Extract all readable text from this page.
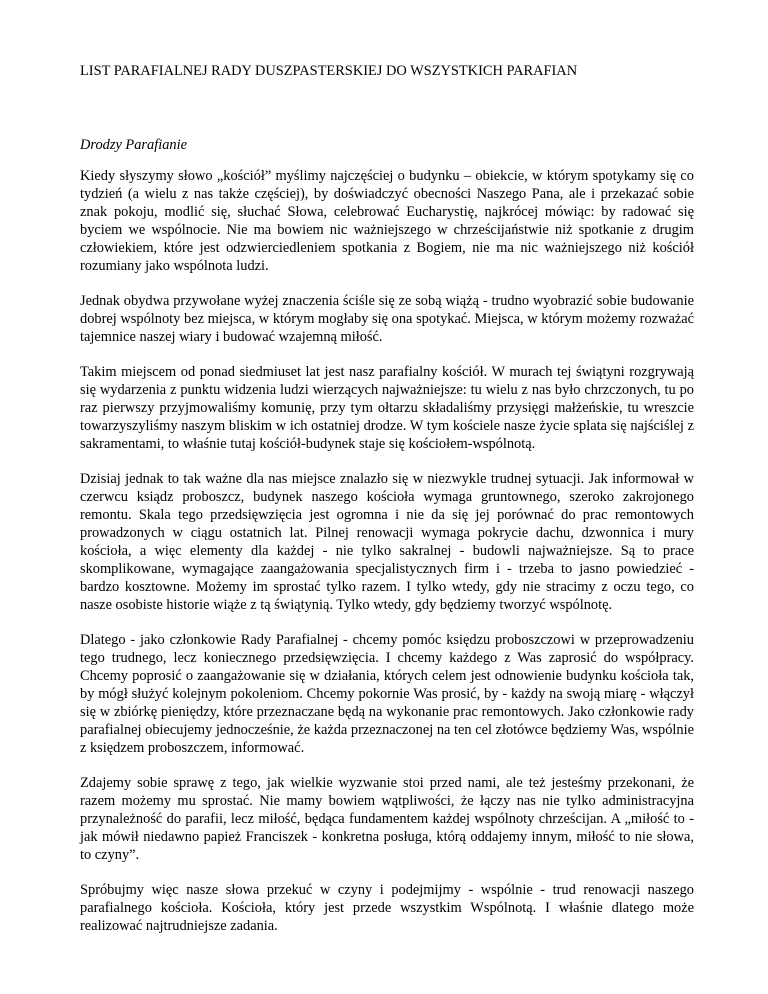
LIST PARAFIALNEJ RADY DUSZPASTERSKIEJ DO WSZYSTKICH PARAFIAN

Drodzy Parafianie

Kiedy słyszymy słowo „kościół” myślimy najczęściej o budynku – obiekcie, w którym spotykamy się co tydzień (a wielu z nas także częściej), by doświadczyć obecności Naszego Pana, ale i przekazać sobie znak pokoju, modlić się, słuchać Słowa, celebrować Eucharystię, najkrócej mówiąc: by radować się byciem we wspólnocie. Nie ma bowiem nic ważniejszego w chrześcijaństwie niż spotkanie z drugim człowiekiem, które jest odzwierciedleniem spotkania z Bogiem, nie ma nic ważniejszego niż kościół rozumiany jako wspólnota ludzi.

Jednak obydwa przywołane wyżej znaczenia ściśle się ze sobą wiążą - trudno wyobrazić sobie budowanie dobrej wspólnoty bez miejsca, w którym mogłaby się ona spotykać. Miejsca, w którym możemy rozważać tajemnice naszej wiary i budować wzajemną miłość.

Takim miejscem od ponad siedmiuset lat jest nasz parafialny kościół. W murach tej świątyni rozgrywają się wydarzenia z punktu widzenia ludzi wierzących najważniejsze: tu wielu z nas było chrzczonych, tu po raz pierwszy przyjmowaliśmy komunię, przy tym ołtarzu składaliśmy przysięgi małżeńskie, tu wreszcie towarzyszyliśmy naszym bliskim w ich ostatniej drodze. W tym kościele nasze życie splata się najściślej z sakramentami, to właśnie tutaj kościół-budynek staje się kościołem-wspólnotą.

Dzisiaj jednak to tak ważne dla nas miejsce znalazło się w niezwykle trudnej sytuacji. Jak informował w czerwcu ksiądz proboszcz, budynek naszego kościoła wymaga gruntownego, szeroko zakrojonego remontu. Skala tego przedsięwzięcia jest ogromna i nie da się jej porównać do prac remontowych prowadzonych w ciągu ostatnich lat. Pilnej renowacji wymaga pokrycie dachu, dzwonnica i mury kościoła, a więc elementy dla każdej - nie tylko sakralnej - budowli najważniejsze. Są to prace skomplikowane, wymagające zaangażowania specjalistycznych firm i - trzeba to jasno powiedzieć - bardzo kosztowne. Możemy im sprostać tylko razem. I tylko wtedy, gdy nie stracimy z oczu tego, co nasze osobiste historie wiąże z tą świątynią. Tylko wtedy, gdy będziemy tworzyć wspólnotę.

Dlatego - jako członkowie Rady Parafialnej - chcemy pomóc księdzu proboszczowi w przeprowadzeniu tego trudnego, lecz koniecznego przedsięwzięcia. I chcemy każdego z Was zaprosić do współpracy. Chcemy poprosić o zaangażowanie się w działania, których celem jest odnowienie budynku kościoła tak, by mógł służyć kolejnym pokoleniom. Chcemy pokornie Was prosić, by - każdy na swoją miarę - włączył się w zbiórkę pieniędzy, które przeznaczane będą na wykonanie prac remontowych. Jako członkowie rady parafialnej obiecujemy jednocześnie, że każda przeznaczonej na ten cel złotówce będziemy Was, wspólnie z księdzem proboszczem, informować.

Zdajemy sobie sprawę z tego, jak wielkie wyzwanie stoi przed nami, ale też jesteśmy przekonani, że razem możemy mu sprostać. Nie mamy bowiem wątpliwości, że łączy nas nie tylko administracyjna przynależność do parafii, lecz miłość, będąca fundamentem każdej wspólnoty chrześcijan. A „miłość to - jak mówił niedawno papież Franciszek - konkretna posługa, którą oddajemy innym, miłość to nie słowa, to czyny”.

Spróbujmy więc nasze słowa przekuć w czyny i podejmijmy - wspólnie - trud renowacji naszego parafialnego kościoła. Kościoła, który jest przede wszystkim Wspólnotą. I właśnie dlatego może realizować najtrudniejsze zadania.
